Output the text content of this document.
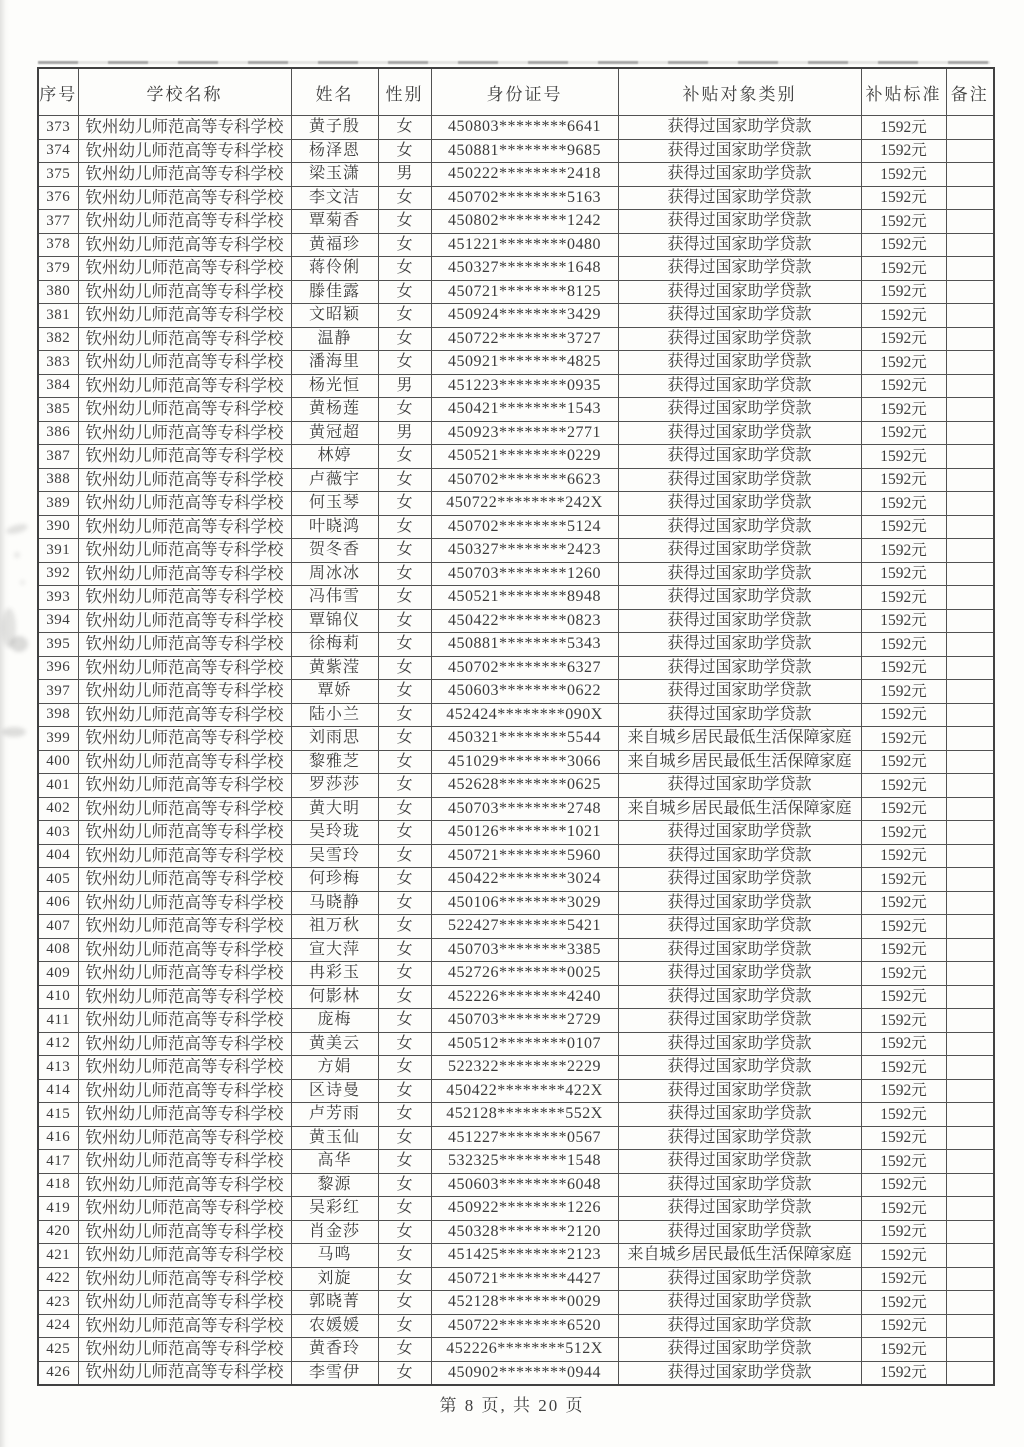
序号	学校名称	姓名	性别	身份证号	补贴对象类别	补贴标准	备注
373	钦州幼儿师范高等专科学校	黄子殷	女	450803********6641	获得过国家助学贷款	1592元	
374	钦州幼儿师范高等专科学校	杨泽恩	女	450881********9685	获得过国家助学贷款	1592元	
375	钦州幼儿师范高等专科学校	梁玉潇	男	450222********2418	获得过国家助学贷款	1592元	
376	钦州幼儿师范高等专科学校	李文洁	女	450702********5163	获得过国家助学贷款	1592元	
377	钦州幼儿师范高等专科学校	覃菊香	女	450802********1242	获得过国家助学贷款	1592元	
378	钦州幼儿师范高等专科学校	黄福珍	女	451221********0480	获得过国家助学贷款	1592元	
379	钦州幼儿师范高等专科学校	蒋伶俐	女	450327********1648	获得过国家助学贷款	1592元	
380	钦州幼儿师范高等专科学校	滕佳露	女	450721********8125	获得过国家助学贷款	1592元	
381	钦州幼儿师范高等专科学校	文昭颖	女	450924********3429	获得过国家助学贷款	1592元	
382	钦州幼儿师范高等专科学校	温静	女	450722********3727	获得过国家助学贷款	1592元	
383	钦州幼儿师范高等专科学校	潘海里	女	450921********4825	获得过国家助学贷款	1592元	
384	钦州幼儿师范高等专科学校	杨光恒	男	451223********0935	获得过国家助学贷款	1592元	
385	钦州幼儿师范高等专科学校	黄杨莲	女	450421********1543	获得过国家助学贷款	1592元	
386	钦州幼儿师范高等专科学校	黄冠超	男	450923********2771	获得过国家助学贷款	1592元	
387	钦州幼儿师范高等专科学校	林婷	女	450521********0229	获得过国家助学贷款	1592元	
388	钦州幼儿师范高等专科学校	卢薇宇	女	450702********6623	获得过国家助学贷款	1592元	
389	钦州幼儿师范高等专科学校	何玉琴	女	450722********242X	获得过国家助学贷款	1592元	
390	钦州幼儿师范高等专科学校	叶晓鸿	女	450702********5124	获得过国家助学贷款	1592元	
391	钦州幼儿师范高等专科学校	贺冬香	女	450327********2423	获得过国家助学贷款	1592元	
392	钦州幼儿师范高等专科学校	周冰冰	女	450703********1260	获得过国家助学贷款	1592元	
393	钦州幼儿师范高等专科学校	冯伟雪	女	450521********8948	获得过国家助学贷款	1592元	
394	钦州幼儿师范高等专科学校	覃锦仪	女	450422********0823	获得过国家助学贷款	1592元	
395	钦州幼儿师范高等专科学校	徐梅莉	女	450881********5343	获得过国家助学贷款	1592元	
396	钦州幼儿师范高等专科学校	黄紫滢	女	450702********6327	获得过国家助学贷款	1592元	
397	钦州幼儿师范高等专科学校	覃娇	女	450603********0622	获得过国家助学贷款	1592元	
398	钦州幼儿师范高等专科学校	陆小兰	女	452424********090X	获得过国家助学贷款	1592元	
399	钦州幼儿师范高等专科学校	刘雨思	女	450321********5544	来自城乡居民最低生活保障家庭	1592元	
400	钦州幼儿师范高等专科学校	黎雅芝	女	451029********3066	来自城乡居民最低生活保障家庭	1592元	
401	钦州幼儿师范高等专科学校	罗莎莎	女	452628********0625	获得过国家助学贷款	1592元	
402	钦州幼儿师范高等专科学校	黄大明	女	450703********2748	来自城乡居民最低生活保障家庭	1592元	
403	钦州幼儿师范高等专科学校	吴玲珑	女	450126********1021	获得过国家助学贷款	1592元	
404	钦州幼儿师范高等专科学校	吴雪玲	女	450721********5960	获得过国家助学贷款	1592元	
405	钦州幼儿师范高等专科学校	何珍梅	女	450422********3024	获得过国家助学贷款	1592元	
406	钦州幼儿师范高等专科学校	马晓静	女	450106********3029	获得过国家助学贷款	1592元	
407	钦州幼儿师范高等专科学校	祖万秋	女	522427********5421	获得过国家助学贷款	1592元	
408	钦州幼儿师范高等专科学校	宣大萍	女	450703********3385	获得过国家助学贷款	1592元	
409	钦州幼儿师范高等专科学校	冉彩玉	女	452726********0025	获得过国家助学贷款	1592元	
410	钦州幼儿师范高等专科学校	何影林	女	452226********4240	获得过国家助学贷款	1592元	
411	钦州幼儿师范高等专科学校	庞梅	女	450703********2729	获得过国家助学贷款	1592元	
412	钦州幼儿师范高等专科学校	黄美云	女	450512********0107	获得过国家助学贷款	1592元	
413	钦州幼儿师范高等专科学校	方娟	女	522322********2229	获得过国家助学贷款	1592元	
414	钦州幼儿师范高等专科学校	区诗曼	女	450422********422X	获得过国家助学贷款	1592元	
415	钦州幼儿师范高等专科学校	卢芳雨	女	452128********552X	获得过国家助学贷款	1592元	
416	钦州幼儿师范高等专科学校	黄玉仙	女	451227********0567	获得过国家助学贷款	1592元	
417	钦州幼儿师范高等专科学校	高华	女	532325********1548	获得过国家助学贷款	1592元	
418	钦州幼儿师范高等专科学校	黎源	女	450603********6048	获得过国家助学贷款	1592元	
419	钦州幼儿师范高等专科学校	吴彩红	女	450922********1226	获得过国家助学贷款	1592元	
420	钦州幼儿师范高等专科学校	肖金莎	女	450328********2120	获得过国家助学贷款	1592元	
421	钦州幼儿师范高等专科学校	马鸣	女	451425********2123	来自城乡居民最低生活保障家庭	1592元	
422	钦州幼儿师范高等专科学校	刘旋	女	450721********4427	获得过国家助学贷款	1592元	
423	钦州幼儿师范高等专科学校	郭晓菁	女	452128********0029	获得过国家助学贷款	1592元	
424	钦州幼儿师范高等专科学校	农媛媛	女	450722********6520	获得过国家助学贷款	1592元	
425	钦州幼儿师范高等专科学校	黄香玲	女	452226********512X	获得过国家助学贷款	1592元	
426	钦州幼儿师范高等专科学校	李雪伊	女	450902********0944	获得过国家助学贷款	1592元	
第 8 页, 共 20 页
